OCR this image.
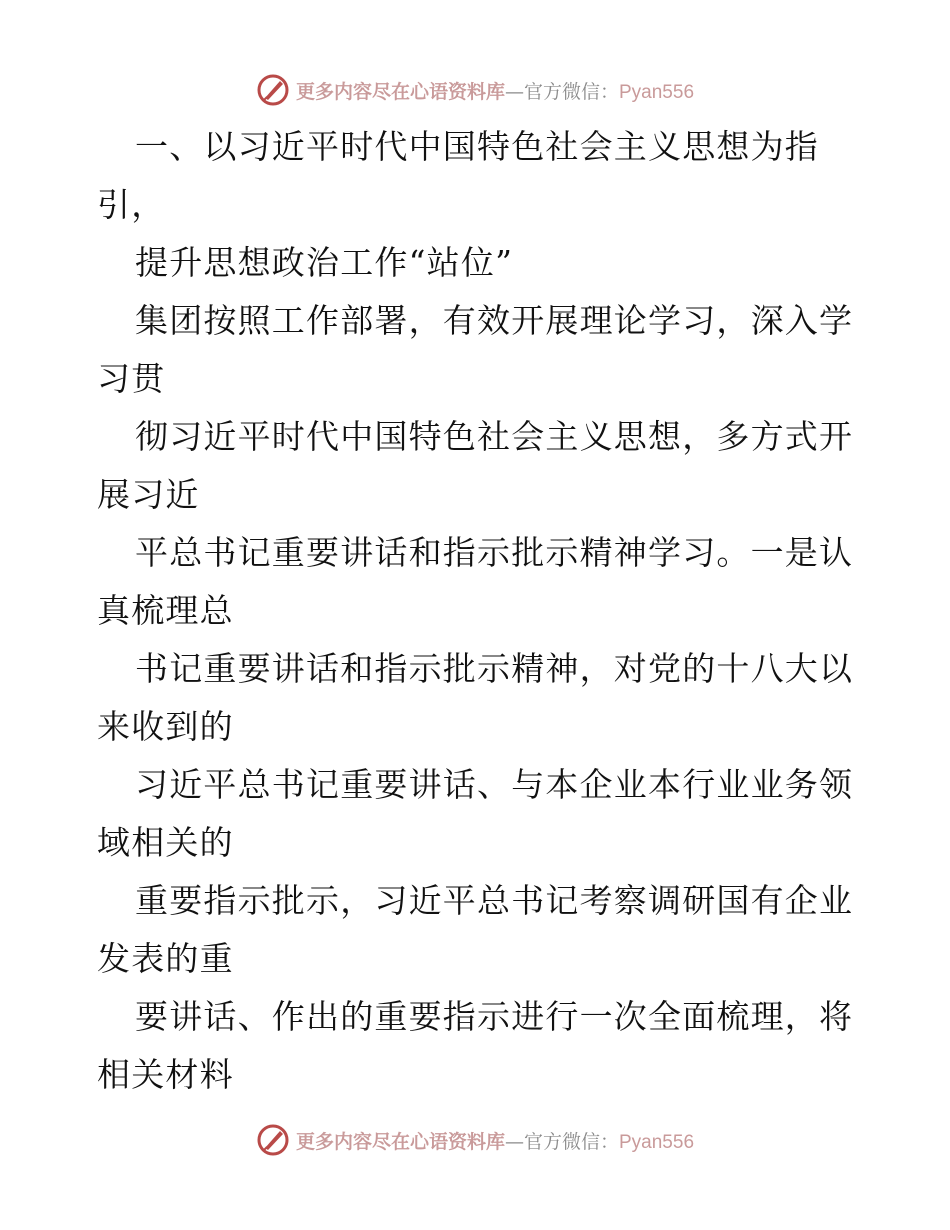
更多内容尽在心语资料库—官方微信：Pyan556
一、以习近平时代中国特色社会主义思想为指
引，
提升思想政治工作“站位”
集团按照工作部署，有效开展理论学习，深入学
习贯
彻习近平时代中国特色社会主义思想，多方式开
展习近
平总书记重要讲话和指示批示精神学习。一是认
真梳理总
书记重要讲话和指示批示精神，对党的十八大以
来收到的
习近平总书记重要讲话、与本企业本行业业务领
域相关的
重要指示批示，习近平总书记考察调研国有企业
发表的重
要讲话、作出的重要指示进行一次全面梳理，将
相关材料
更多内容尽在心语资料库—官方微信：Pyan556
